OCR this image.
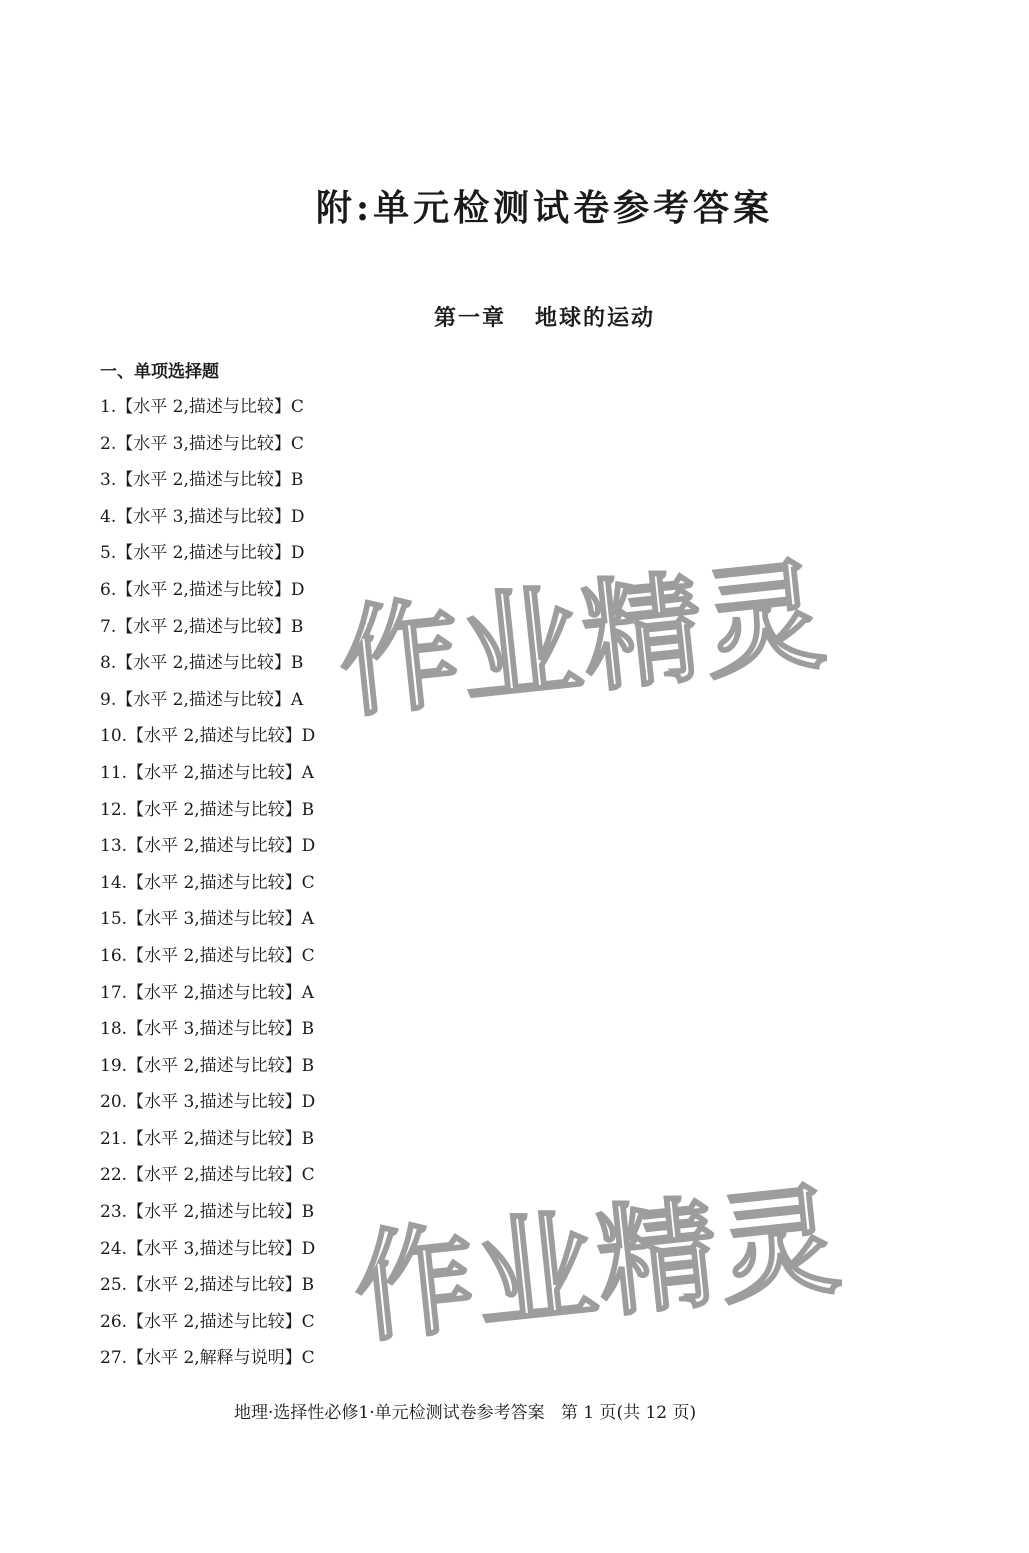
附:单元检测试卷参考答案
第一章   地球的运动
一、单项选择题
1.【水平 2,描述与比较】C
2.【水平 3,描述与比较】C
3.【水平 2,描述与比较】B
4.【水平 3,描述与比较】D
5.【水平 2,描述与比较】D
6.【水平 2,描述与比较】D
7.【水平 2,描述与比较】B
8.【水平 2,描述与比较】B
9.【水平 2,描述与比较】A
10.【水平 2,描述与比较】D
11.【水平 2,描述与比较】A
12.【水平 2,描述与比较】B
13.【水平 2,描述与比较】D
14.【水平 2,描述与比较】C
15.【水平 3,描述与比较】A
16.【水平 2,描述与比较】C
17.【水平 2,描述与比较】A
18.【水平 3,描述与比较】B
19.【水平 2,描述与比较】B
20.【水平 3,描述与比较】D
21.【水平 2,描述与比较】B
22.【水平 2,描述与比较】C
23.【水平 2,描述与比较】B
24.【水平 3,描述与比较】D
25.【水平 2,描述与比较】B
26.【水平 2,描述与比较】C
27.【水平 2,解释与说明】C
作业精灵
作业精灵
地理·选择性必修1·单元检测试卷参考答案   第 1 页(共 12 页)
